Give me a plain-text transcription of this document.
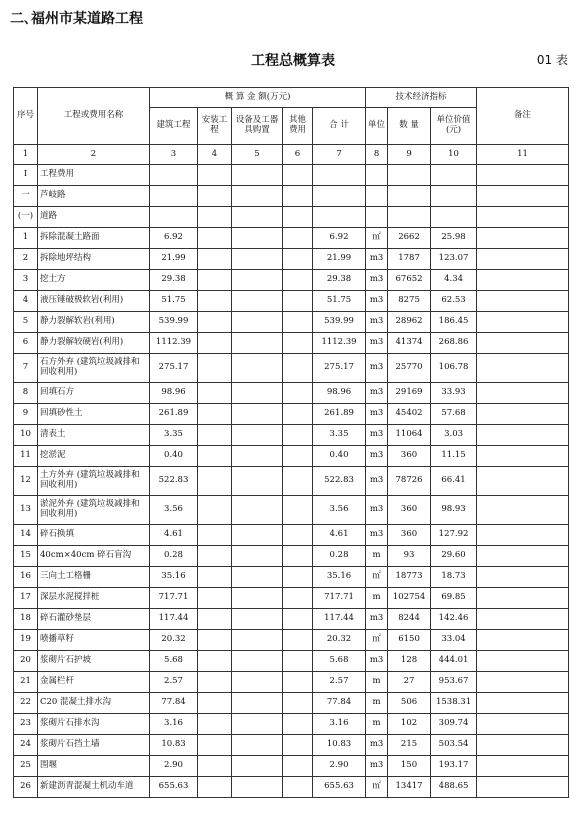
二､福州市某道路工程
工程总概算表	01 表
序号	工程或费用名称	概 算 金 额(万元)					技术经济指标			备注
		建筑工程	安装工程	设备及工器具购置	其他费用	合 计	单位	数 量	单位价值(元)	
1	2	3	4	5	6	7	8	9	10	11
Ⅰ	工程费用									
一	芦岐路									
(一)	道路									
1	拆除混凝土路面	6.92				6.92	㎡	2662	25.98	
2	拆除地坪结构	21.99				21.99	m3	1787	123.07	
3	挖土方	29.38				29.38	m3	67652	4.34	
4	液压锤破极软岩(利用)	51.75				51.75	m3	8275	62.53	
5	静力裂解软岩(利用)	539.99				539.99	m3	28962	186.45	
6	静力裂解较硬岩(利用)	1112.39				1112.39	m3	41374	268.86	
7	石方外弃 (建筑垃圾减排和回收利用)	275.17				275.17	m3	25770	106.78	
8	回填石方	98.96				98.96	m3	29169	33.93	
9	回填砂性土	261.89				261.89	m3	45402	57.68	
10	清表土	3.35				3.35	m3	11064	3.03	
11	挖淤泥	0.40				0.40	m3	360	11.15	
12	土方外弃 (建筑垃圾减排和回收利用)	522.83				522.83	m3	78726	66.41	
13	淤泥外弃 (建筑垃圾减排和回收利用)	3.56				3.56	m3	360	98.93	
14	碎石换填	4.61				4.61	m3	360	127.92	
15	40cm×40cm 碎石盲沟	0.28				0.28	m	93	29.60	
16	三向土工格栅	35.16				35.16	㎡	18773	18.73	
17	深层水泥搅拌桩	717.71				717.71	m	102754	69.85	
18	碎石灌砂垫层	117.44				117.44	m3	8244	142.46	
19	喷播草籽	20.32				20.32	㎡	6150	33.04	
20	浆砌片石护坡	5.68				5.68	m3	128	444.01	
21	金属栏杆	2.57				2.57	m	27	953.67	
22	C20 混凝土排水沟	77.84				77.84	m	506	1538.31	
23	浆砌片石排水沟	3.16				3.16	m	102	309.74	
24	浆砌片石挡土墙	10.83				10.83	m3	215	503.54	
25	围堰	2.90				2.90	m3	150	193.17	
26	新建沥青混凝土机动车道	655.63				655.63	㎡	13417	488.65	
